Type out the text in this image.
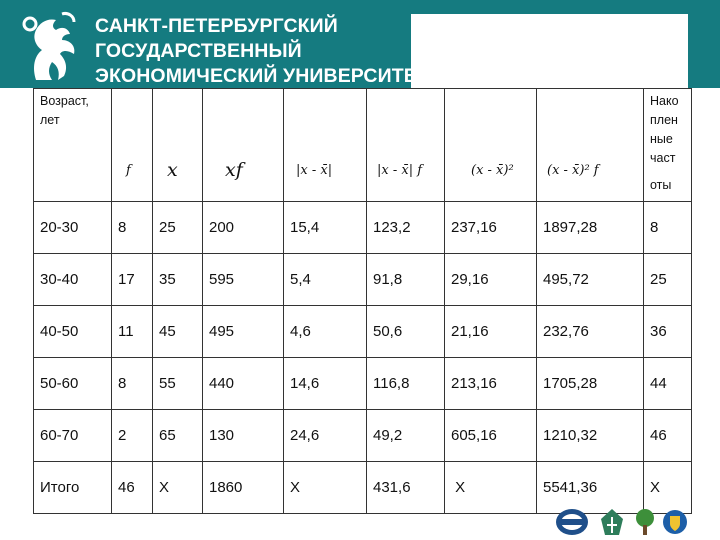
САНКТ-ПЕТЕРБУРГСКИЙ
ГОСУДАРСТВЕННЫЙ
ЭКОНОМИЧЕСКИЙ УНИВЕРСИТЕТ
Возраст, лет	f	x	xf	|x - x̄|	|x - x̄| f	(x - x̄)²	(x - x̄)² f	Нако
плен
ные
част
оты

20-30	8	25	200	15,4	123,2	237,16	1897,28	8
30-40	17	35	595	5,4	91,8	29,16	495,72	25
40-50	11	45	495	4,6	50,6	21,16	232,76	36
50-60	8	55	440	14,6	116,8	213,16	1705,28	44
60-70	2	65	130	24,6	49,2	605,16	1210,32	46
Итого	46	Х	1860	Х	431,6	Х	5541,36	Х
